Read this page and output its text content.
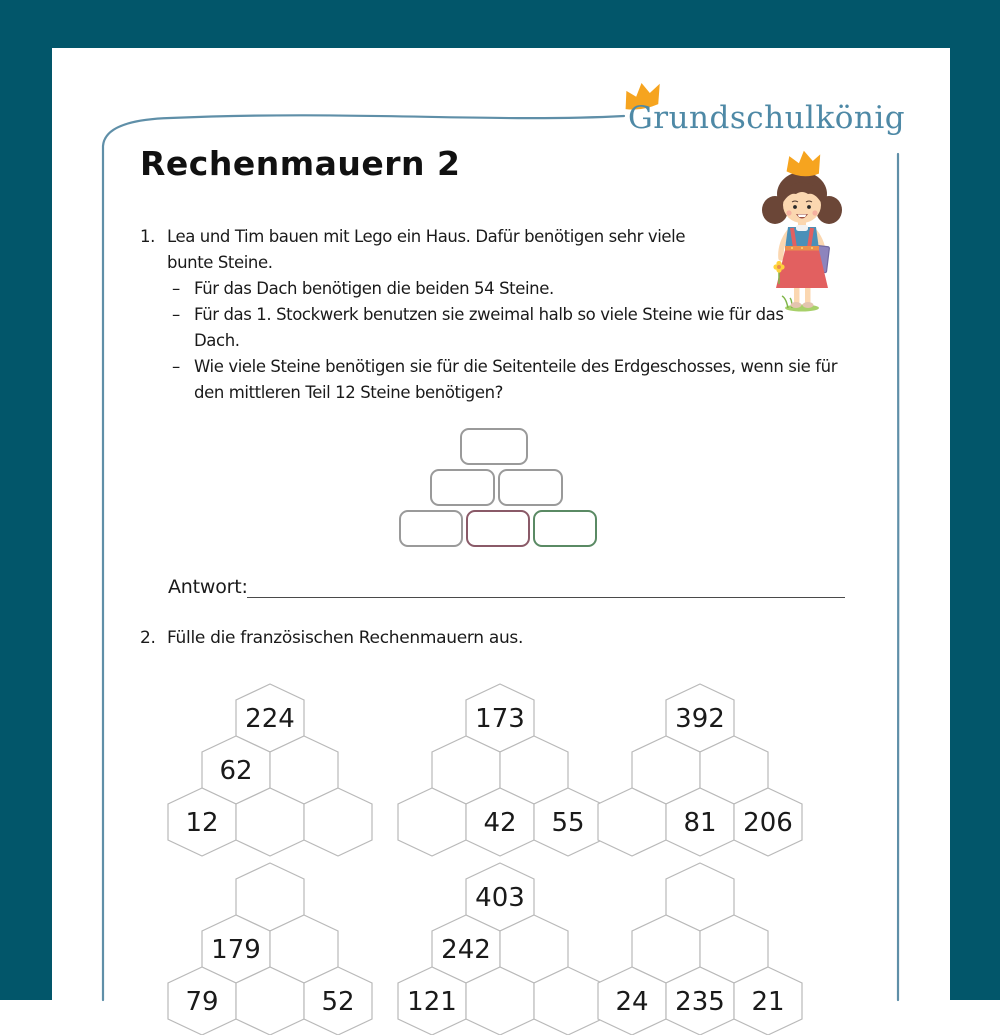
Grundschulkönig
Rechenmauern 2
1. Lea und Tim bauen mit Lego ein Haus. Dafür benötigen sehr viele
bunte Steine.
– Für das Dach benötigen die beiden 54 Steine.
– Für das 1. Stockwerk benutzen sie zweimal halb so viele Steine wie für das
Dach.
– Wie viele Steine benötigen sie für die Seitenteile des Erdgeschosses, wenn sie für
den mittleren Teil 12 Steine benötigen?
Antwort:
2. Fülle die französischen Rechenmauern aus.
224
62
12
173
42 55
392
81 206
179
79	52
403
242
121	24 235 21
